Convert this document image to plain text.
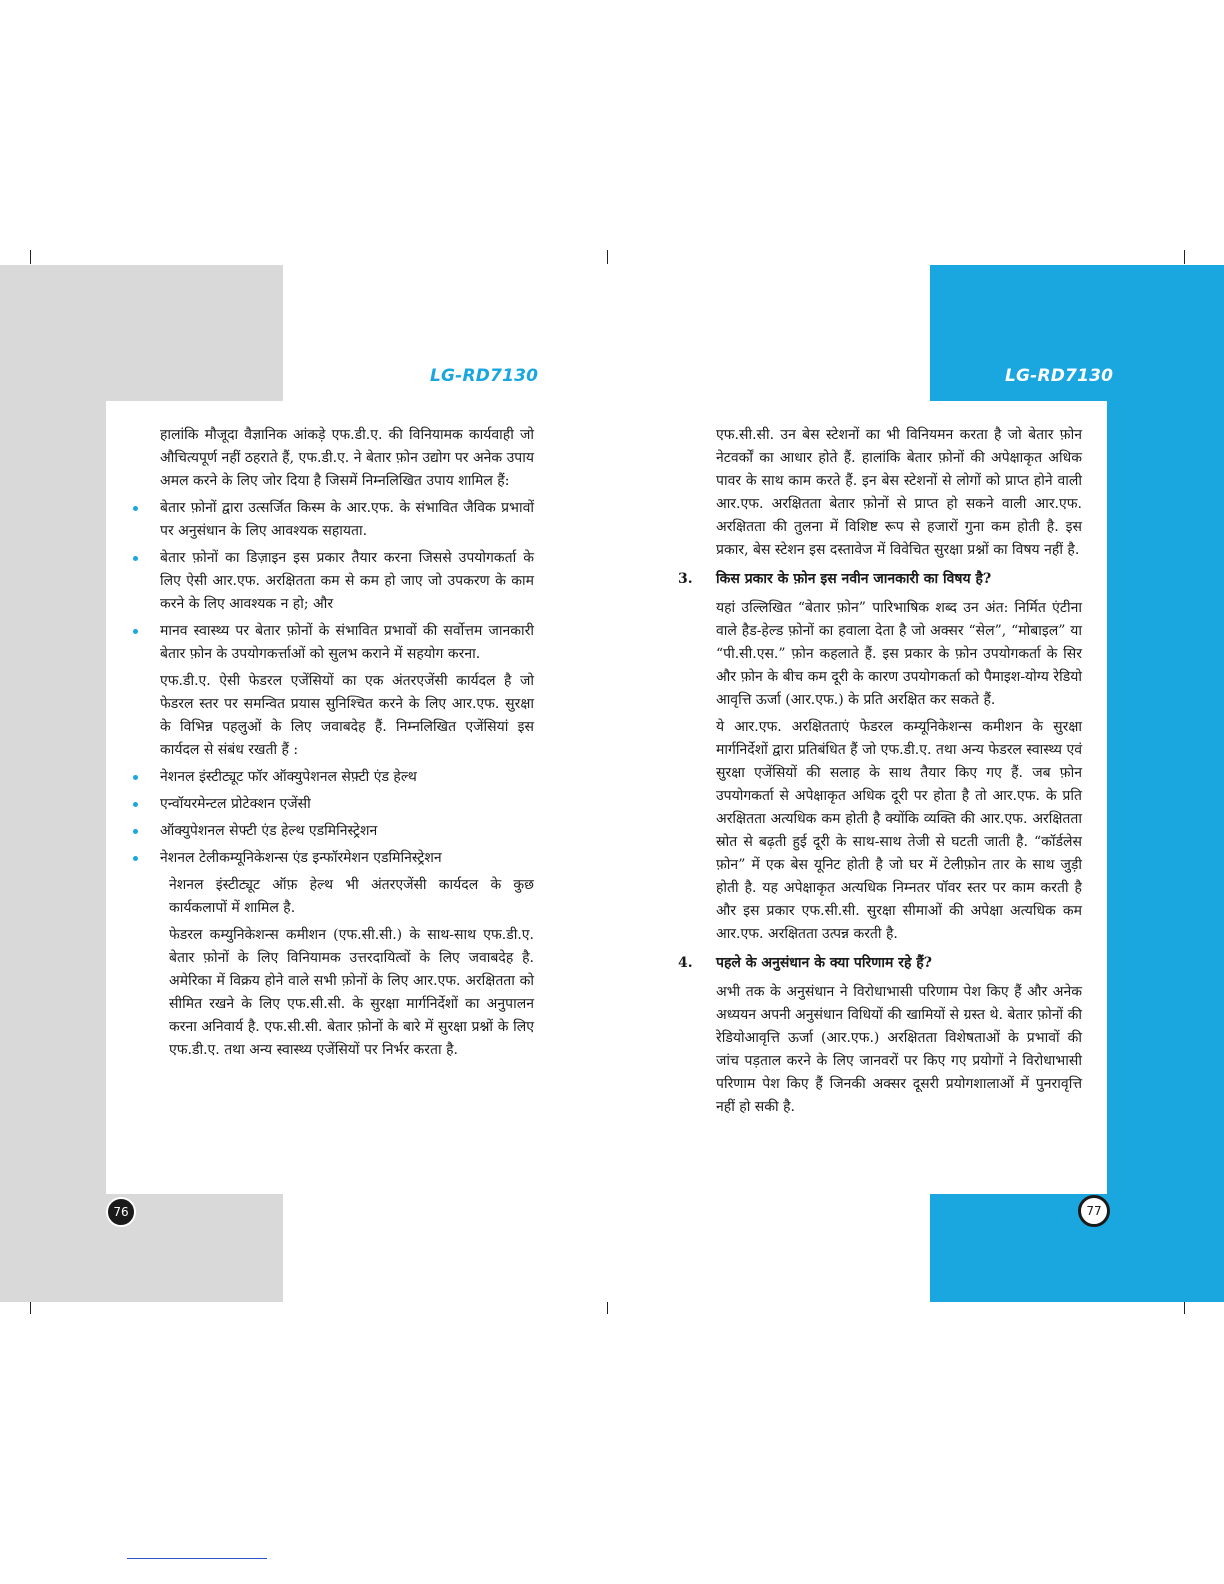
LG-RD7130	LG-RD7130

हालांकि मौजूदा वैज्ञानिक आंकड़े एफ.डी.ए. की विनियामक कार्यवाही जो औचित्यपूर्ण नहीं ठहराते हैं, एफ.डी.ए. ने बेतार फ़ोन उद्योग पर अनेक उपाय अमल करने के लिए जोर दिया है जिसमें निम्नलिखित उपाय शामिल हैं:

बेतार फ़ोनों द्वारा उत्सर्जित किस्म के आर.एफ. के संभावित जैविक प्रभावों पर अनुसंधान के लिए आवश्यक सहायता.
बेतार फ़ोनों का डिज़ाइन इस प्रकार तैयार करना जिससे उपयोगकर्ता के लिए ऐसी आर.एफ. अरक्षितता कम से कम हो जाए जो उपकरण के काम करने के लिए आवश्यक न हो; और
मानव स्वास्थ्य पर बेतार फ़ोनों के संभावित प्रभावों की सर्वोत्तम जानकारी बेतार फ़ोन के उपयोगकर्त्ताओं को सुलभ कराने में सहयोग करना.

एफ.डी.ए. ऐसी फेडरल एजेंसियों का एक अंतरएजेंसी कार्यदल है जो फेडरल स्तर पर समन्वित प्रयास सुनिश्चित करने के लिए आर.एफ. सुरक्षा के विभिन्न पहलुओं के लिए जवाबदेह हैं. निम्नलिखित एजेंसियां इस कार्यदल से संबंध रखती हैं :

नेशनल इंस्टीट्यूट फॉर ऑक्युपेशनल सेफ़्टी एंड हेल्थ
एन्वॉयरमेन्टल प्रोटेक्शन एजेंसी
ऑक्युपेशनल सेफ्टी एंड हेल्थ एडमिनिस्ट्रेशन
नेशनल टेलीकम्यूनिकेशन्स एंड इन्फॉरमेशन एडमिनिस्ट्रेशन

नेशनल इंस्टीट्यूट ऑफ़ हेल्थ भी अंतरएजेंसी कार्यदल के कुछ कार्यकलापों में शामिल है.

फेडरल कम्युनिकेशन्स कमीशन (एफ.सी.सी.) के साथ-साथ एफ.डी.ए. बेतार फ़ोनों के लिए विनियामक उत्तरदायित्वों के लिए जवाबदेह है. अमेरिका में विक्रय होने वाले सभी फ़ोनों के लिए आर.एफ. अरक्षितता को सीमित रखने के लिए एफ.सी.सी. के सुरक्षा मार्गनिर्देशों का अनुपालन करना अनिवार्य है. एफ.सी.सी. बेतार फ़ोनों के बारे में सुरक्षा प्रश्नों के लिए एफ.डी.ए. तथा अन्य स्वास्थ्य एजेंसियों पर निर्भर करता है.

एफ.सी.सी. उन बेस स्टेशनों का भी विनियमन करता है जो बेतार फ़ोन नेटवर्कों का आधार होते हैं. हालांकि बेतार फ़ोनों की अपेक्षाकृत अधिक पावर के साथ काम करते हैं. इन बेस स्टेशनों से लोगों को प्राप्त होने वाली आर.एफ. अरक्षितता बेतार फ़ोनों से प्राप्त हो सकने वाली आर.एफ. अरक्षितता की तुलना में विशिष्ट रूप से हजारों गुना कम होती है. इस प्रकार, बेस स्टेशन इस दस्तावेज में विवेचित सुरक्षा प्रश्नों का विषय नहीं है.

3. किस प्रकार के फ़ोन इस नवीन जानकारी का विषय है?

यहां उल्लिखित “बेतार फ़ोन” पारिभाषिक शब्द उन अंत: निर्मित एंटीना वाले हैड-हेल्ड फ़ोनों का हवाला देता है जो अक्सर “सेल”, “मोबाइल” या “पी.सी.एस.” फ़ोन कहलाते हैं. इस प्रकार के फ़ोन उपयोगकर्ता के सिर और फ़ोन के बीच कम दूरी के कारण उपयोगकर्ता को पैमाइश-योग्य रेडियो आवृत्ति ऊर्जा (आर.एफ.) के प्रति अरक्षित कर सकते हैं.

ये आर.एफ. अरक्षितताएं फेडरल कम्यूनिकेशन्स कमीशन के सुरक्षा मार्गनिर्देशों द्वारा प्रतिबंधित हैं जो एफ.डी.ए. तथा अन्य फेडरल स्वास्थ्य एवं सुरक्षा एजेंसियों की सलाह के साथ तैयार किए गए हैं. जब फ़ोन उपयोगकर्ता से अपेक्षाकृत अधिक दूरी पर होता है तो आर.एफ. के प्रति अरक्षितता अत्यधिक कम होती है क्योंकि व्यक्ति की आर.एफ. अरक्षितता स्रोत से बढ़ती हुई दूरी के साथ-साथ तेजी से घटती जाती है. “कॉर्डलेस फ़ोन” में एक बेस यूनिट होती है जो घर में टेलीफ़ोन तार के साथ जुड़ी होती है. यह अपेक्षाकृत अत्यधिक निम्नतर पॉवर स्तर पर काम करती है और इस प्रकार एफ.सी.सी. सुरक्षा सीमाओं की अपेक्षा अत्यधिक कम आर.एफ. अरक्षितता उत्पन्न करती है.

4. पहले के अनुसंधान के क्या परिणाम रहे हैं?

अभी तक के अनुसंधान ने विरोधाभासी परिणाम पेश किए हैं और अनेक अध्ययन अपनी अनुसंधान विधियों की खामियों से ग्रस्त थे. बेतार फ़ोनों की रेडियोआवृत्ति ऊर्जा (आर.एफ.) अरक्षितता विशेषताओं के प्रभावों की जांच पड़ताल करने के लिए जानवरों पर किए गए प्रयोगों ने विरोधाभासी परिणाम पेश किए हैं जिनकी अक्सर दूसरी प्रयोगशालाओं में पुनरावृत्ति नहीं हो सकी है.

76	77
